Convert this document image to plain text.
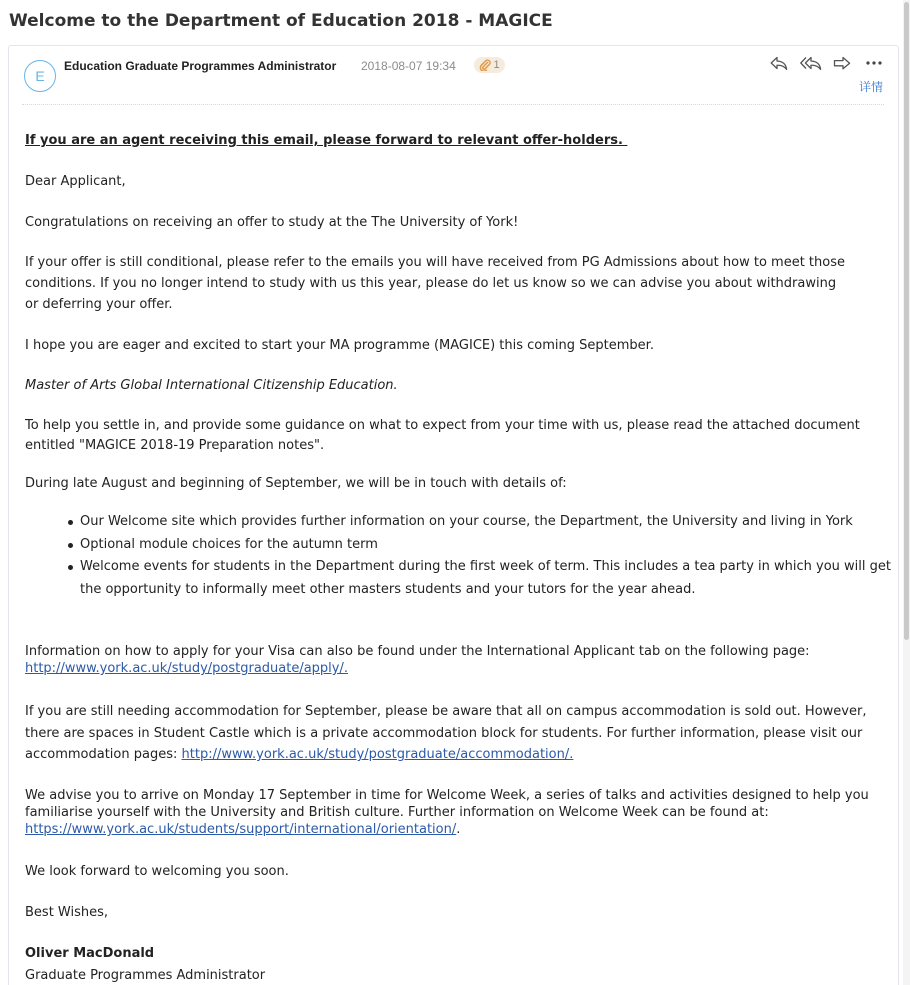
Welcome to the Department of Education 2018 - MAGICE
E
Education Graduate Programmes Administrator 2018-08-07 19:34	1
详情
If you are an agent receiving this email, please forward to relevant offer-holders.
Dear Applicant,
Congratulations on receiving an offer to study at the The University of York!
If your offer is still conditional, please refer to the emails you will have received from PG Admissions about how to meet those
conditions. If you no longer intend to study with us this year, please do let us know so we can advise you about withdrawing
or deferring your offer.
I hope you are eager and excited to start your MA programme (MAGICE) this coming September.
Master of Arts Global International Citizenship Education.
To help you settle in, and provide some guidance on what to expect from your time with us, please read the attached document
entitled "MAGICE 2018-19 Preparation notes".
During late August and beginning of September, we will be in touch with details of:
Our Welcome site which provides further information on your course, the Department, the University and living in York
Optional module choices for the autumn term
Welcome events for students in the Department during the first week of term. This includes a tea party in which you will get
the opportunity to informally meet other masters students and your tutors for the year ahead.
Information on how to apply for your Visa can also be found under the International Applicant tab on the following page:
http://www.york.ac.uk/study/postgraduate/apply/.
If you are still needing accommodation for September, please be aware that all on campus accommodation is sold out. However,
there are spaces in Student Castle which is a private accommodation block for students. For further information, please visit our
accommodation pages: http://www.york.ac.uk/study/postgraduate/accommodation/.
We advise you to arrive on Monday 17 September in time for Welcome Week, a series of talks and activities designed to help you
familiarise yourself with the University and British culture. Further information on Welcome Week can be found at:
https://www.york.ac.uk/students/support/international/orientation/.
We look forward to welcoming you soon.
Best Wishes,
Oliver MacDonald
Graduate Programmes Administrator
